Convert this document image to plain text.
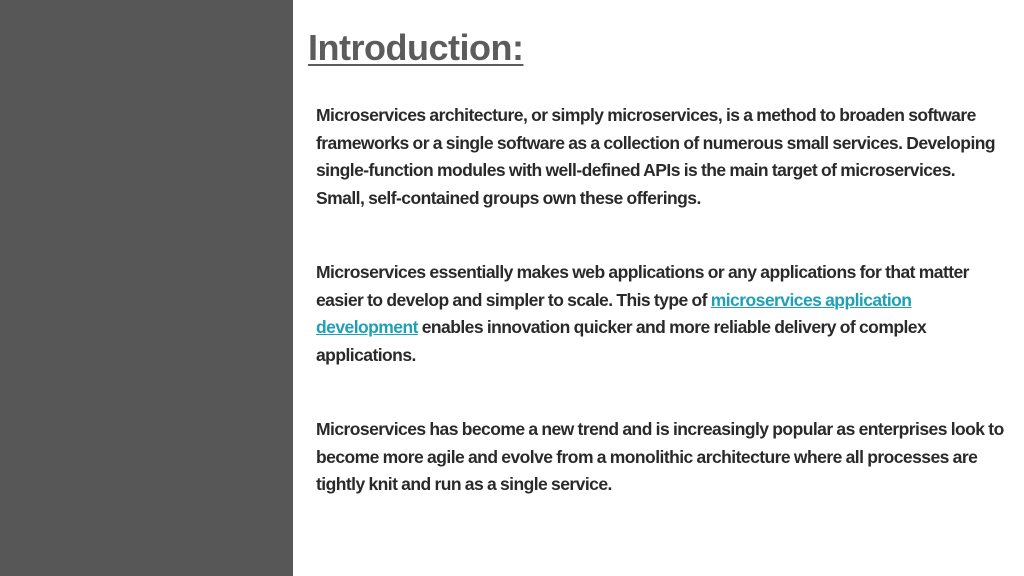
Introduction:

Microservices architecture, or simply microservices, is a method to broaden software frameworks or a single software as a collection of numerous small services. Developing single-function modules with well-defined APIs is the main target of microservices. Small, self-contained groups own these offerings.

Microservices essentially makes web applications or any applications for that matter easier to develop and simpler to scale. This type of microservices application development enables innovation quicker and more reliable delivery of complex applications.

Microservices has become a new trend and is increasingly popular as enterprises look to become more agile and evolve from a monolithic architecture where all processes are tightly knit and run as a single service.
